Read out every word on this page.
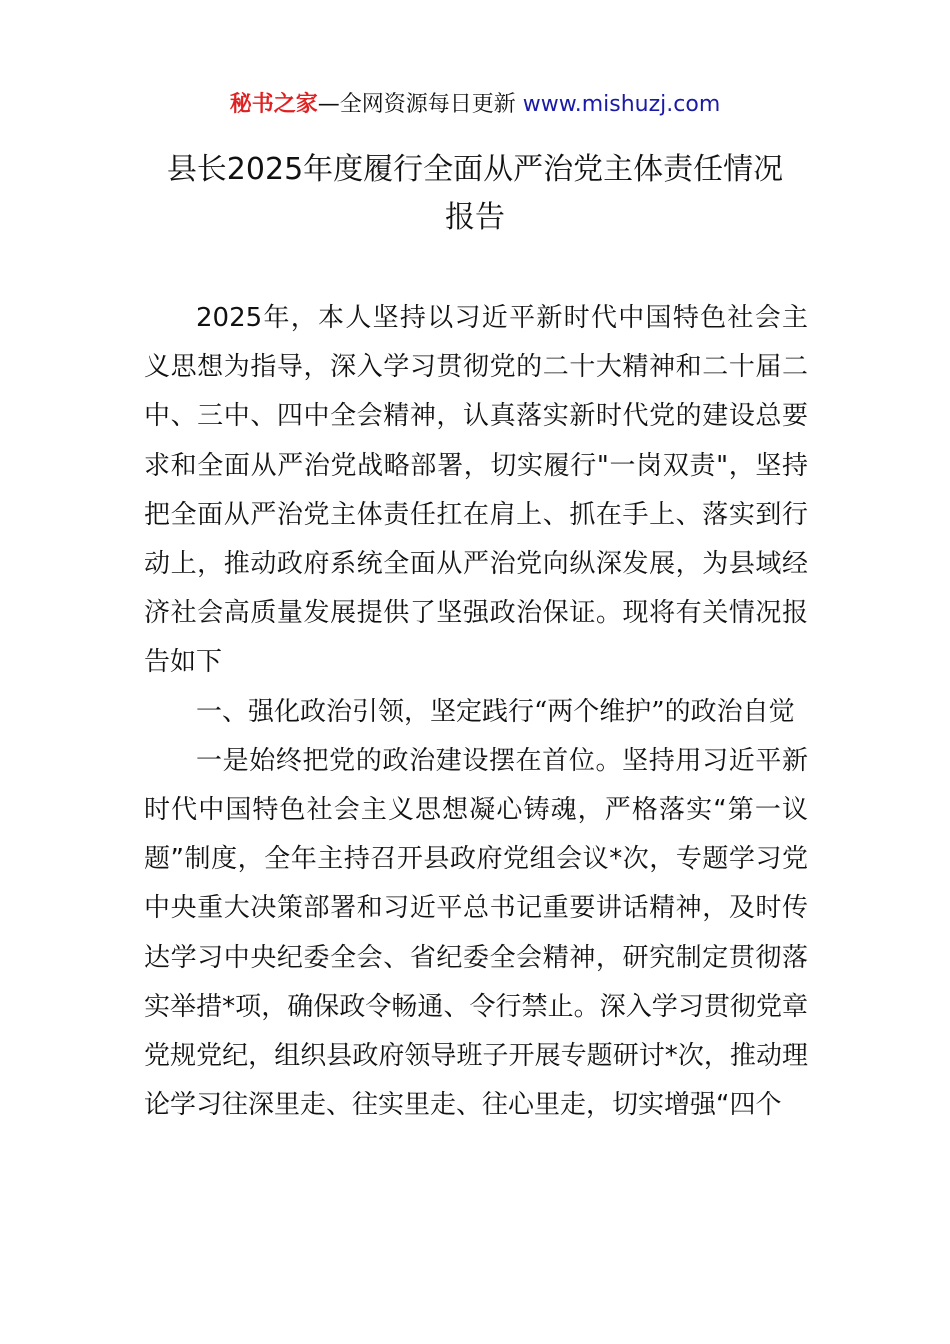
秘书之家—全网资源每日更新 www.mishuzj.com
县长2025年度履行全面从严治党主体责任情况
报告

2025年，本人坚持以习近平新时代中国特色社会主义思想为指导，深入学习贯彻党的二十大精神和二十届二中、三中、四中全会精神，认真落实新时代党的建设总要求和全面从严治党战略部署，切实履行"一岗双责"，坚持把全面从严治党主体责任扛在肩上、抓在手上、落实到行动上，推动政府系统全面从严治党向纵深发展，为县域经济社会高质量发展提供了坚强政治保证。现将有关情况报告如下

一、强化政治引领，坚定践行“两个维护”的政治自觉

一是始终把党的政治建设摆在首位。坚持用习近平新时代中国特色社会主义思想凝心铸魂，严格落实“第一议题”制度，全年主持召开县政府党组会议*次，专题学习党中央重大决策部署和习近平总书记重要讲话精神，及时传达学习中央纪委全会、省纪委全会精神，研究制定贯彻落实举措*项，确保政令畅通、令行禁止。深入学习贯彻党章党规党纪，组织县政府领导班子开展专题研讨*次，推动理论学习往深里走、往实里走、往心里走，切实增强“四个
